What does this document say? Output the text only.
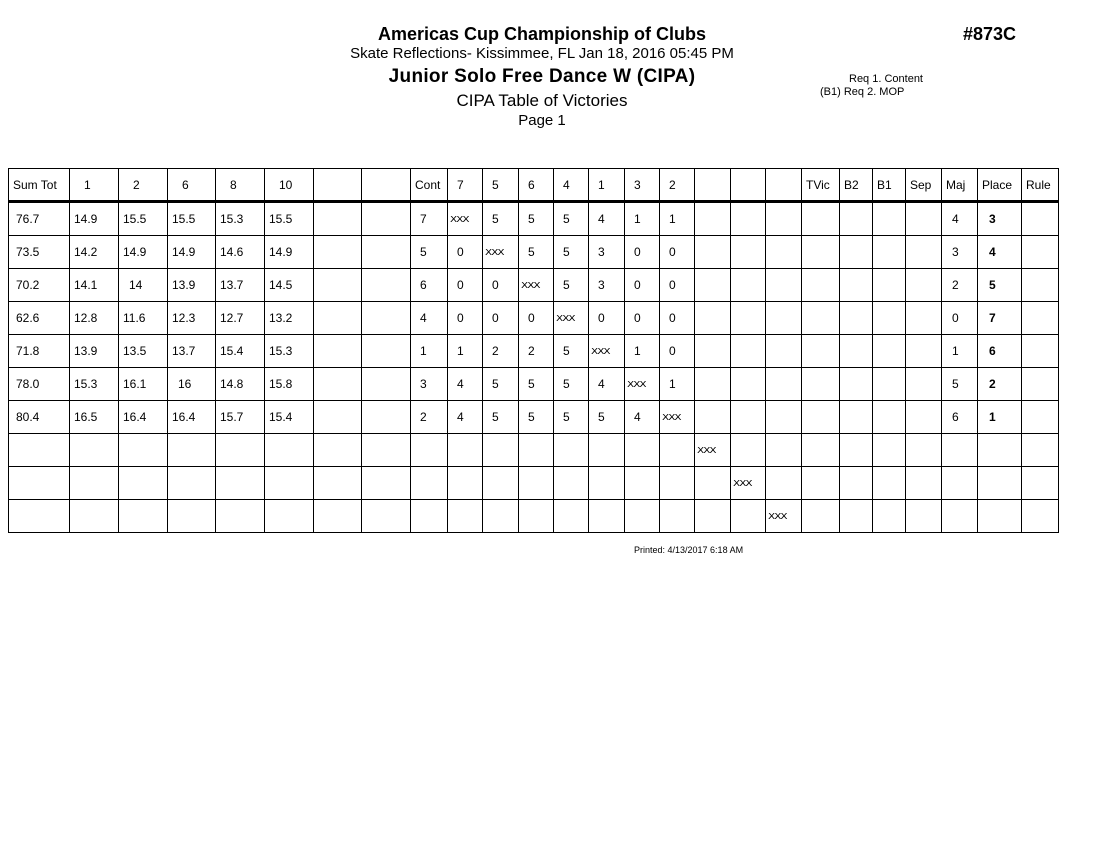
Americas Cup Championship of Clubs
Skate Reflections- Kissimmee, FL Jan 18, 2016 05:45 PM
Junior Solo Free Dance W (CIPA)
CIPA Table of Victories
Page 1
#873C
Req 1. Content
(B1) Req 2. MOP
Sum Tot	1	2	6	8	10			Cont	7	5	6	4	1	3	2				TVic	B2	B1	Sep	Maj	Place	Rule
76.7	14.9	15.5	15.5	15.3	15.5			7	XXX	5	5	5	4	1	1								4	3	
73.5	14.2	14.9	14.9	14.6	14.9			5	0	XXX	5	5	3	0	0								3	4	
70.2	14.1	14	13.9	13.7	14.5			6	0	0	XXX	5	3	0	0								2	5	
62.6	12.8	11.6	12.3	12.7	13.2			4	0	0	0	XXX	0	0	0								0	7	
71.8	13.9	13.5	13.7	15.4	15.3			1	1	2	2	5	XXX	1	0								1	6	
78.0	15.3	16.1	16	14.8	15.8			3	4	5	5	5	4	XXX	1								5	2	
80.4	16.5	16.4	16.4	15.7	15.4			2	4	5	5	5	5	4	XXX								6	1	
																XXX									
																	XXX								
																		XXX							
Printed: 4/13/2017 6:18 AM
